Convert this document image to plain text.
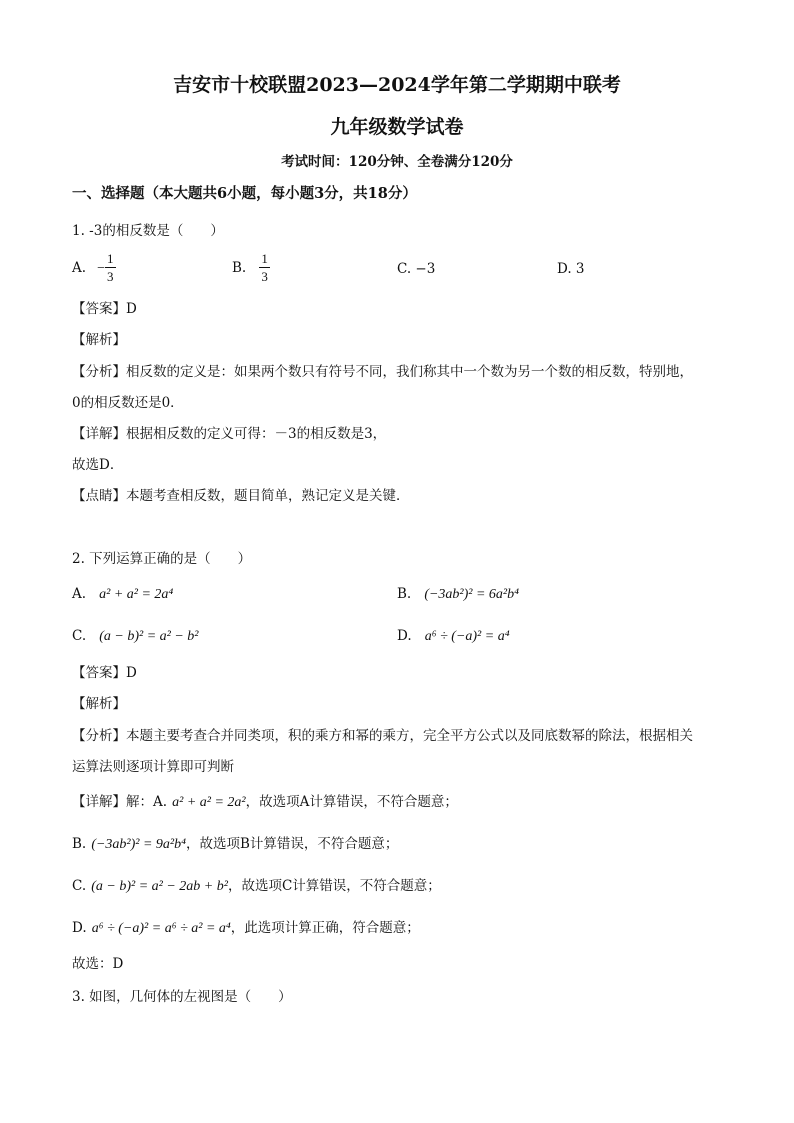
吉安市十校联盟2023—2024学年第二学期期中联考
九年级数学试卷
考试时间：120分钟、全卷满分120分
一、选择题（本大题共6小题，每小题3分，共18分）
1. -3的相反数是（　　）
A. − $\frac{1}{3}$	B. $\frac{1}{3}$	C. −3	D. 3
【答案】D
【解析】
【分析】相反数的定义是：如果两个数只有符号不同，我们称其中一个数为另一个数的相反数，特别地，
0的相反数还是0．
【详解】根据相反数的定义可得：－3的相反数是3，
故选D．
【点睛】本题考查相反数，题目简单，熟记定义是关键．
2. 下列运算正确的是（　　）
A. a² + a² = 2a⁴	B. (−3ab²)² = 6a²b⁴
C. (a − b)² = a² − b²	D. a⁶ ÷ (−a)² = a⁴
【答案】D
【解析】
【分析】本题主要考查合并同类项，积的乘方和幂的乘方，完全平方公式以及同底数幂的除法，根据相关
运算法则逐项计算即可判断
【详解】解：A. a² + a² = 2a²，故选项A计算错误，不符合题意；
B. (−3ab²)² = 9a²b⁴，故选项B计算错误，不符合题意；
C. (a − b)² = a² − 2ab + b²，故选项C计算错误，不符合题意；
D. a⁶ ÷ (−a)² = a⁶ ÷ a² = a⁴，此选项计算正确，符合题意；
故选：D
3. 如图，几何体的左视图是（　　）
